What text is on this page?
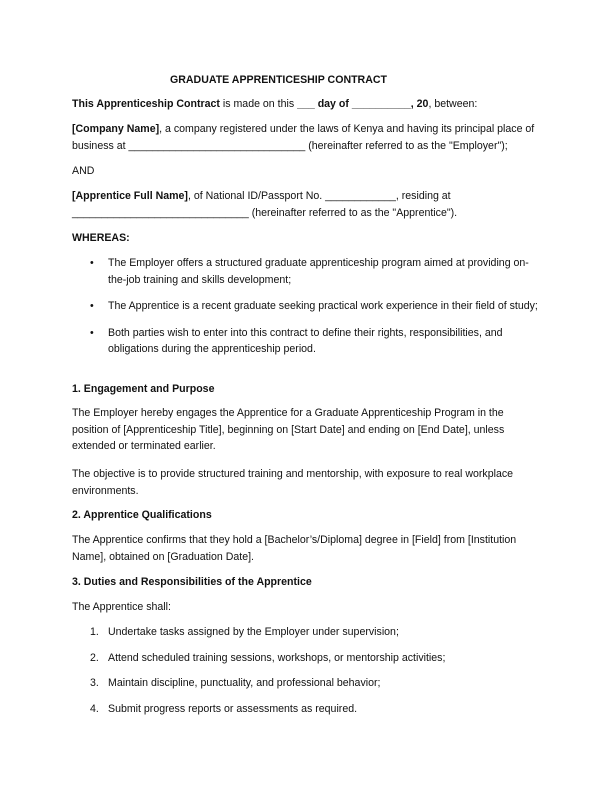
GRADUATE APPRENTICESHIP CONTRACT

This Apprenticeship Contract is made on this ___ day of __________, 20, between:

[Company Name], a company registered under the laws of Kenya and having its principal place of business at ______________________________ (hereinafter referred to as the "Employer");

AND

[Apprentice Full Name], of National ID/Passport No. ____________, residing at ______________________________ (hereinafter referred to as the "Apprentice").

WHEREAS:

• The Employer offers a structured graduate apprenticeship program aimed at providing on-the-job training and skills development;
• The Apprentice is a recent graduate seeking practical work experience in their field of study;
• Both parties wish to enter into this contract to define their rights, responsibilities, and obligations during the apprenticeship period.

1. Engagement and Purpose

The Employer hereby engages the Apprentice for a Graduate Apprenticeship Program in the position of [Apprenticeship Title], beginning on [Start Date] and ending on [End Date], unless extended or terminated earlier.

The objective is to provide structured training and mentorship, with exposure to real workplace environments.

2. Apprentice Qualifications

The Apprentice confirms that they hold a [Bachelor’s/Diploma] degree in [Field] from [Institution Name], obtained on [Graduation Date].

3. Duties and Responsibilities of the Apprentice

The Apprentice shall:

1. Undertake tasks assigned by the Employer under supervision;
2. Attend scheduled training sessions, workshops, or mentorship activities;
3. Maintain discipline, punctuality, and professional behavior;
4. Submit progress reports or assessments as required.
